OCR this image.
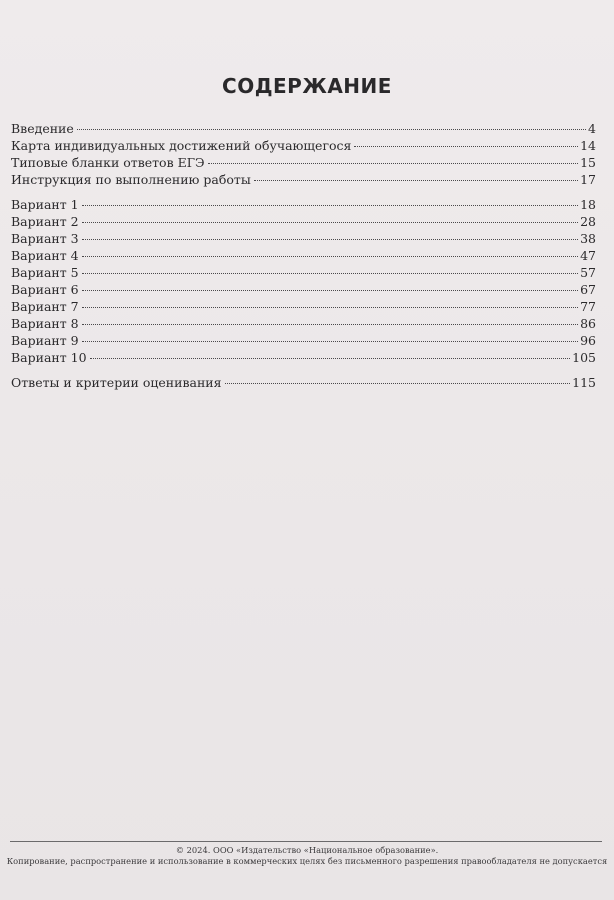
СОДЕРЖАНИЕ
Введение	4
Карта индивидуальных достижений обучающегося	14
Типовые бланки ответов ЕГЭ	15
Инструкция по выполнению работы	17
Вариант 1	18
Вариант 2	28
Вариант 3	38
Вариант 4	47
Вариант 5	57
Вариант 6	67
Вариант 7	77
Вариант 8	86
Вариант 9	96
Вариант 10	105
Ответы и критерии оценивания	115
© 2024. ООО «Издательство «Национальное образование».
Копирование, распространение и использование в коммерческих целях без письменного разрешения правообладателя не допускается
